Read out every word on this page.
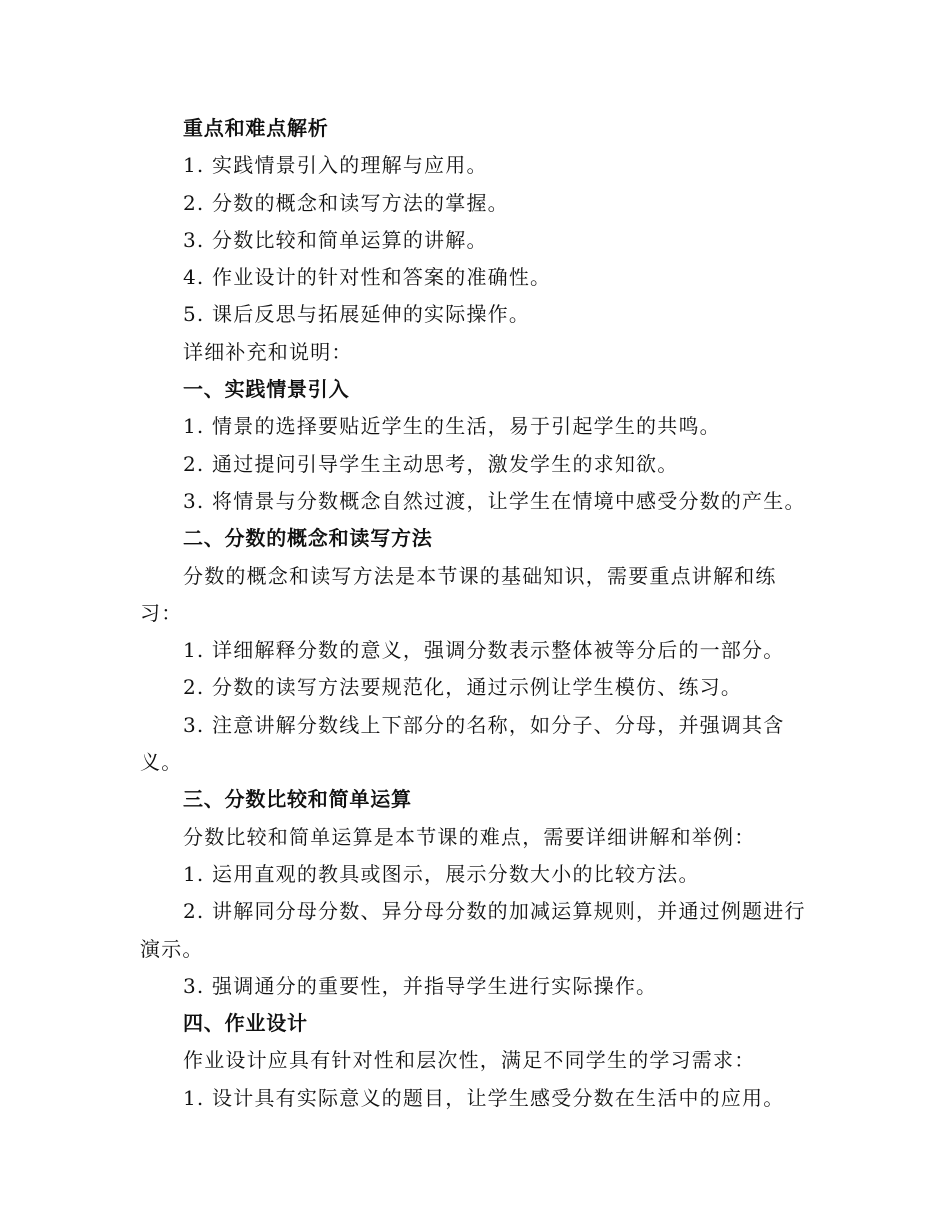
重点和难点解析

1. 实践情景引入的理解与应用。

2. 分数的概念和读写方法的掌握。

3. 分数比较和简单运算的讲解。

4. 作业设计的针对性和答案的准确性。

5. 课后反思与拓展延伸的实际操作。

详细补充和说明：

一、实践情景引入

1. 情景的选择要贴近学生的生活，易于引起学生的共鸣。

2. 通过提问引导学生主动思考，激发学生的求知欲。

3. 将情景与分数概念自然过渡，让学生在情境中感受分数的产生。

二、分数的概念和读写方法

分数的概念和读写方法是本节课的基础知识，需要重点讲解和练习：

1. 详细解释分数的意义，强调分数表示整体被等分后的一部分。

2. 分数的读写方法要规范化，通过示例让学生模仿、练习。

3. 注意讲解分数线上下部分的名称，如分子、分母，并强调其含义。

三、分数比较和简单运算

分数比较和简单运算是本节课的难点，需要详细讲解和举例：

1. 运用直观的教具或图示，展示分数大小的比较方法。

2. 讲解同分母分数、异分母分数的加减运算规则，并通过例题进行演示。

3. 强调通分的重要性，并指导学生进行实际操作。

四、作业设计

作业设计应具有针对性和层次性，满足不同学生的学习需求：

1. 设计具有实际意义的题目，让学生感受分数在生活中的应用。
